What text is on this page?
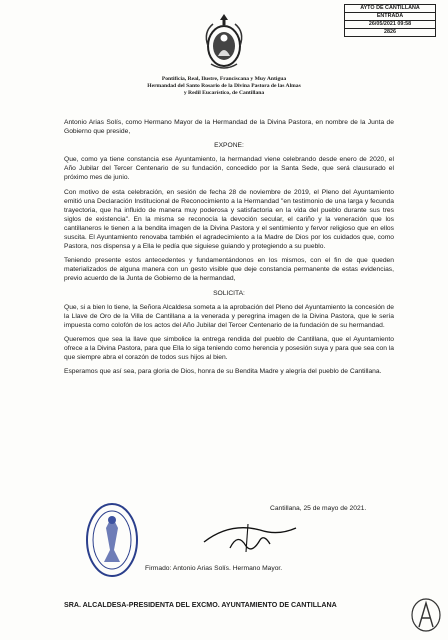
AYTO DE CANTILLANA
ENTRADA
26/05/2021 09:58
2826
Pontificia, Real, Ilustre, Franciscana y Muy Antigua
Hermandad del Santo Rosario de la Divina Pastora de las Almas
y Redil Eucarístico, de Cantillana

Antonio Arias Solís, como Hermano Mayor de la Hermandad de la Divina Pastora, en nombre de la Junta de Gobierno que preside,

EXPONE:

Que, como ya tiene constancia ese Ayuntamiento, la hermandad viene celebrando desde enero de 2020, el Año Jubilar del Tercer Centenario de su fundación, concedido por la Santa Sede, que será clausurado el próximo mes de junio.

Con motivo de esta celebración, en sesión de fecha 28 de noviembre de 2019, el Pleno del Ayuntamiento emitió una Declaración Institucional de Reconocimiento a la Hermandad "en testimonio de una larga y fecunda trayectoria, que ha influido de manera muy poderosa y satisfactoria en la vida del pueblo durante sus tres siglos de existencia". En la misma se reconocía la devoción secular, el cariño y la veneración que los cantillaneros le tienen a la bendita imagen de la Divina Pastora y el sentimiento y fervor religioso que en ellos suscita. El Ayuntamiento renovaba también el agradecimiento a la Madre de Dios por los cuidados que, como Pastora, nos dispensa y a Ella le pedía que siguiese guiando y protegiendo a su pueblo.

Teniendo presente estos antecedentes y fundamentándonos en los mismos, con el fin de que queden materializados de alguna manera con un gesto visible que deje constancia permanente de estas evidencias, previo acuerdo de la Junta de Gobierno de la hermandad,

SOLICITA:

Que, si a bien lo tiene, la Señora Alcaldesa someta a la aprobación del Pleno del Ayuntamiento la concesión de la Llave de Oro de la Villa de Cantillana a la venerada y peregrina imagen de la Divina Pastora, que le sería impuesta como colofón de los actos del Año Jubilar del Tercer Centenario de la fundación de su hermandad.

Queremos que sea la llave que simbolice la entrega rendida del pueblo de Cantillana, que el Ayuntamiento ofrece a la Divina Pastora, para que Ella lo siga teniendo como herencia y posesión suya y para que sea con la que siempre abra el corazón de todos sus hijos al bien.

Esperamos que así sea, para gloria de Dios, honra de su Bendita Madre y alegría del pueblo de Cantillana.

Cantillana, 25 de mayo de 2021.
Firmado: Antonio Arias Solís. Hermano Mayor.
SRA. ALCALDESA-PRESIDENTA DEL EXCMO. AYUNTAMIENTO DE CANTILLANA
